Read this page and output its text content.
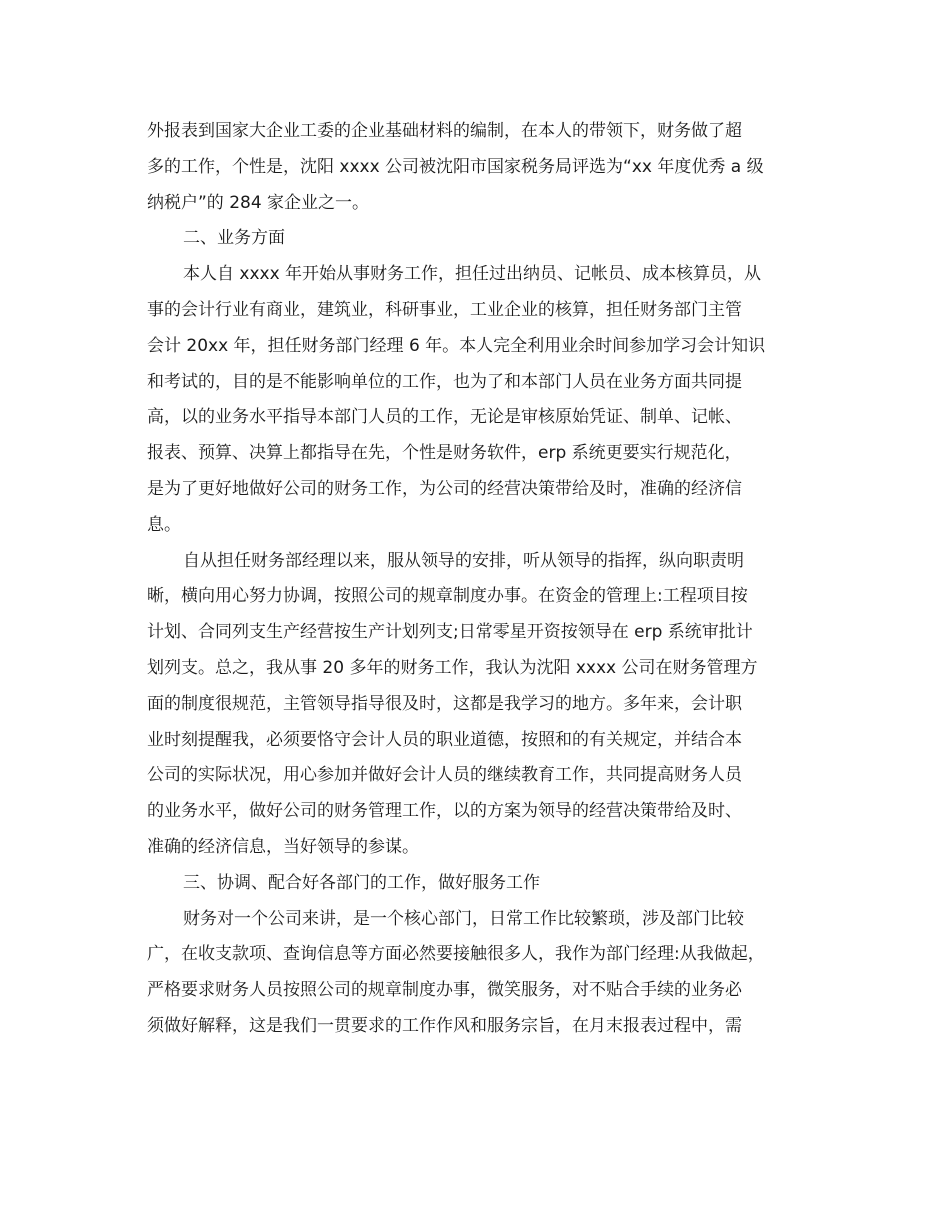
外报表到国家大企业工委的企业基础材料的编制，在本人的带领下，财务做了超
多的工作，个性是，沈阳 xxxx 公司被沈阳市国家税务局评选为“xx 年度优秀 a 级
纳税户”的 284 家企业之一。
二、业务方面
本人自 xxxx 年开始从事财务工作，担任过出纳员、记帐员、成本核算员，从
事的会计行业有商业，建筑业，科研事业，工业企业的核算，担任财务部门主管
会计 20xx 年，担任财务部门经理 6 年。本人完全利用业余时间参加学习会计知识
和考试的，目的是不能影响单位的工作，也为了和本部门人员在业务方面共同提
高，以的业务水平指导本部门人员的工作，无论是审核原始凭证、制单、记帐、
报表、预算、决算上都指导在先，个性是财务软件，erp 系统更要实行规范化，
是为了更好地做好公司的财务工作，为公司的经营决策带给及时，准确的经济信
息。
自从担任财务部经理以来，服从领导的安排，听从领导的指挥，纵向职责明
晰，横向用心努力协调，按照公司的规章制度办事。在资金的管理上:工程项目按
计划、合同列支生产经营按生产计划列支;日常零星开资按领导在 erp 系统审批计
划列支。总之，我从事 20 多年的财务工作，我认为沈阳 xxxx 公司在财务管理方
面的制度很规范，主管领导指导很及时，这都是我学习的地方。多年来，会计职
业时刻提醒我，必须要恪守会计人员的职业道德，按照和的有关规定，并结合本
公司的实际状况，用心参加并做好会计人员的继续教育工作，共同提高财务人员
的业务水平，做好公司的财务管理工作，以的方案为领导的经营决策带给及时、
准确的经济信息，当好领导的参谋。
三、协调、配合好各部门的工作，做好服务工作
财务对一个公司来讲，是一个核心部门，日常工作比较繁琐，涉及部门比较
广，在收支款项、查询信息等方面必然要接触很多人，我作为部门经理:从我做起，
严格要求财务人员按照公司的规章制度办事，微笑服务，对不贴合手续的业务必
须做好解释，这是我们一贯要求的工作作风和服务宗旨，在月末报表过程中，需
